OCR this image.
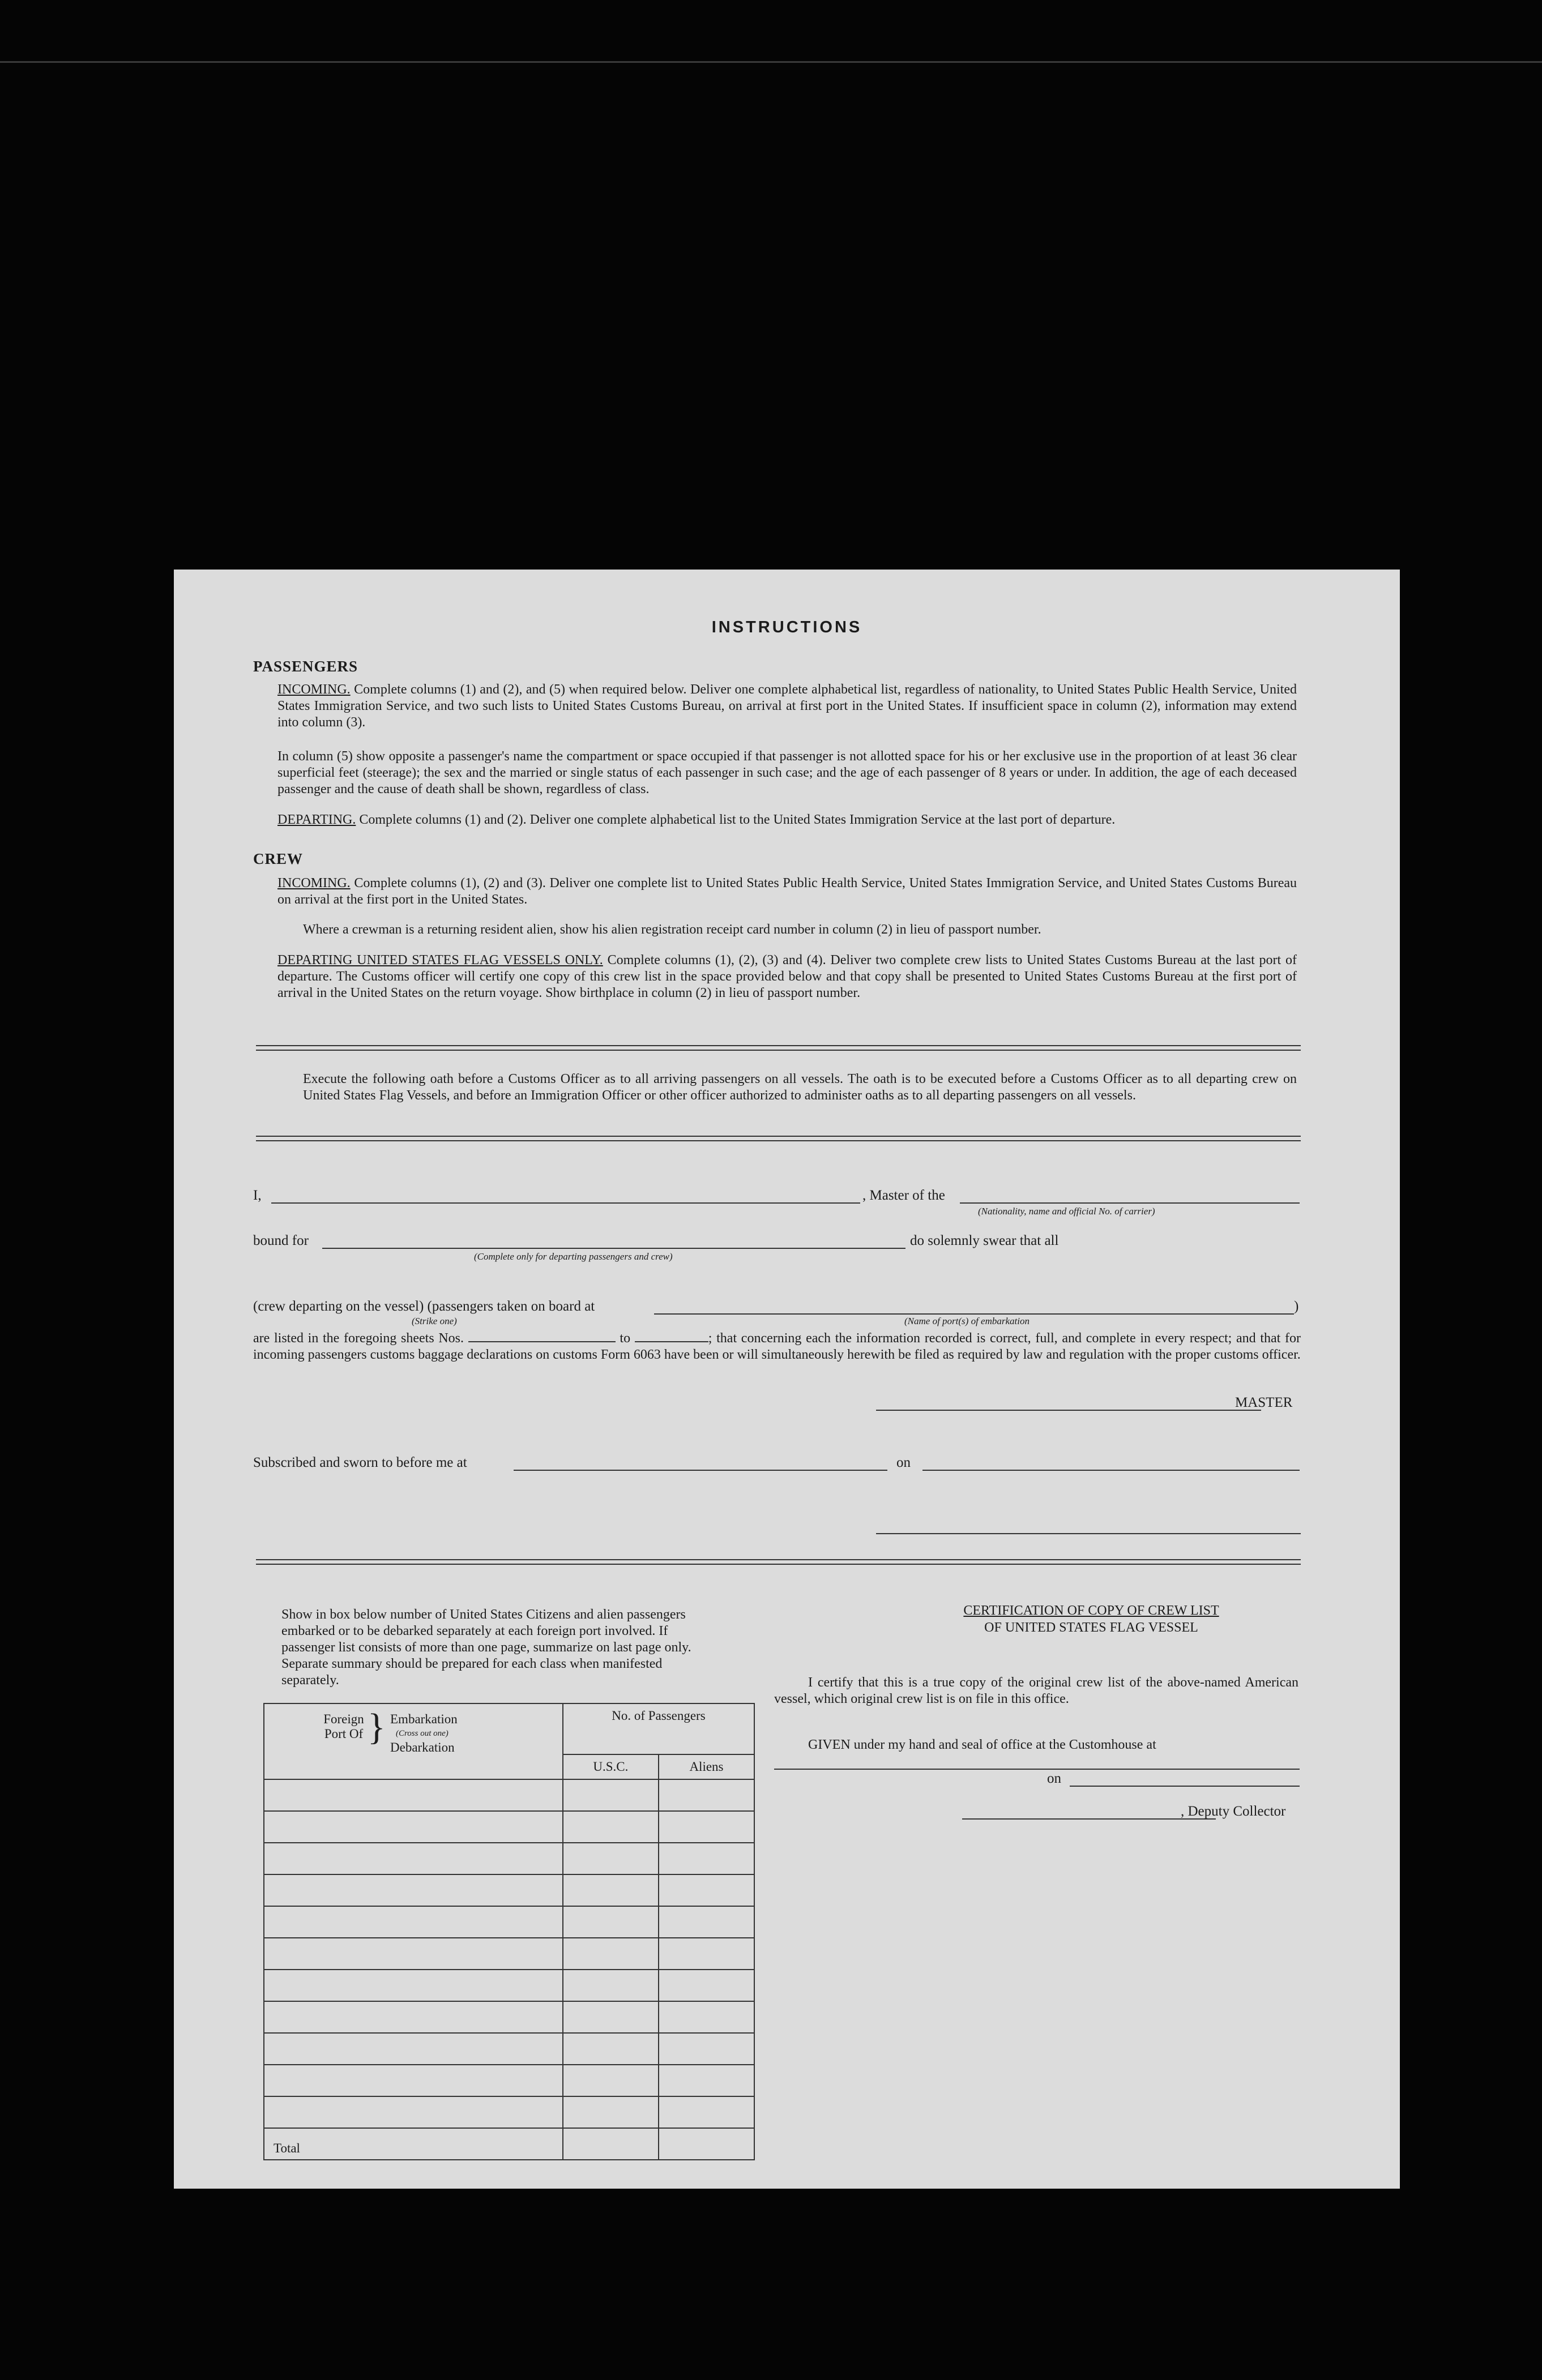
INSTRUCTIONS
PASSENGERS
INCOMING. Complete columns (1) and (2), and (5) when required below. Deliver one complete alphabetical list, regardless of nationality, to United States Public Health Service, United States Immigration Service, and two such lists to United States Customs Bureau, on arrival at first port in the United States. If insufficient space in column (2), information may extend into column (3).
In column (5) show opposite a passenger's name the compartment or space occupied if that passenger is not allotted space for his or her exclusive use in the proportion of at least 36 clear superficial feet (steerage); the sex and the married or single status of each passenger in such case; and the age of each passenger of 8 years or under. In addition, the age of each deceased passenger and the cause of death shall be shown, regardless of class.
DEPARTING. Complete columns (1) and (2). Deliver one complete alphabetical list to the United States Immigration Service at the last port of departure.
CREW
INCOMING. Complete columns (1), (2) and (3). Deliver one complete list to United States Public Health Service, United States Immigration Service, and United States Customs Bureau on arrival at the first port in the United States.
Where a crewman is a returning resident alien, show his alien registration receipt card number in column (2) in lieu of passport number.
DEPARTING UNITED STATES FLAG VESSELS ONLY. Complete columns (1), (2), (3) and (4). Deliver two complete crew lists to United States Customs Bureau at the last port of departure. The Customs officer will certify one copy of this crew list in the space provided below and that copy shall be presented to United States Customs Bureau at the first port of arrival in the United States on the return voyage. Show birthplace in column (2) in lieu of passport number.
Execute the following oath before a Customs Officer as to all arriving passengers on all vessels. The oath is to be executed before a Customs Officer as to all departing crew on United States Flag Vessels, and before an Immigration Officer or other officer authorized to administer oaths as to all departing passengers on all vessels.
I,	, Master of the
(Nationality, name and official No. of carrier)
bound for
(Complete only for departing passengers and crew)
do solemnly swear that all
(crew departing on the vessel) (passengers taken on board at
(Strike one)	(Name of port(s) of embarkation
)
are listed in the foregoing sheets Nos.	to	; that concerning each the information recorded is correct, full, and complete in every respect; and that for incoming passengers customs baggage declarations on customs Form 6063 have been or will simultaneously herewith be filed as required by law and regulation with the proper customs officer.
MASTER
Subscribed and sworn to before me at	on
Show in box below number of United States Citizens and alien passengers embarked or to be debarked separately at each foreign port involved. If passenger list consists of more than one page, summarize on last page only. Separate summary should be prepared for each class when manifested separately.
Foreign Port Of } Embarkation
(Cross out one)
Debarkation	No. of Passengers	
	U.S.C.	Aliens

Total		
CERTIFICATION OF COPY OF CREW LIST
OF UNITED STATES FLAG VESSEL
I certify that this is a true copy of the original crew list of the above-named American vessel, which original crew list is on file in this office.
GIVEN under my hand and seal of office at the Customhouse at
on
, Deputy Collector
